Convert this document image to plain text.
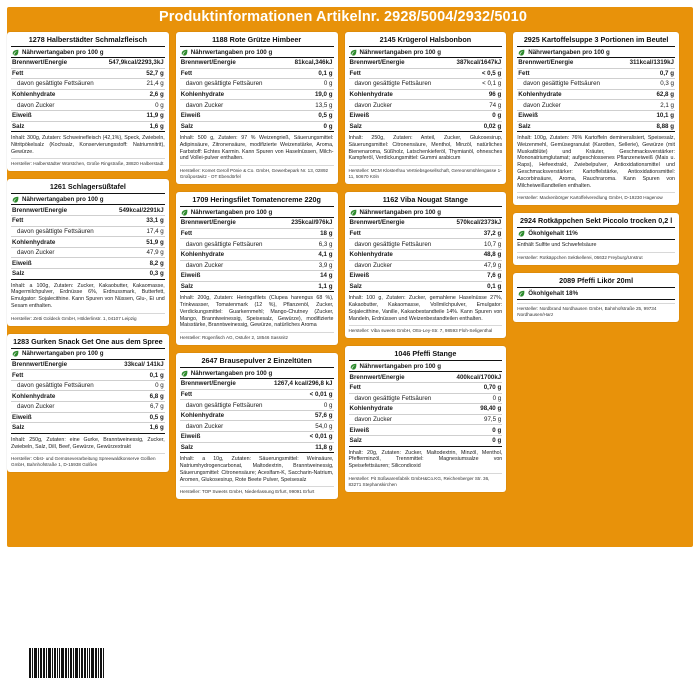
Produktinformationen Artikelnr. 2928/5004/2932/5010
1278 Halberstädter Schmalzfleisch
Nährwertangaben pro 100 g
Brennwert/Energie	547,9kcal/2293,3kJ
Fett	52,7 g
davon gesättigte Fettsäuren	21,4 g
Kohlenhydrate	2,6 g
davon Zucker	0 g
Eiweiß	11,9 g
Salz	1,6 g
Inhalt: 300g, Zutaten: Schweinefleisch (42,1%), Speck, Zwiebeln, Nitritpökelsalz (Kochsalz, Konservierungsstoff: Natriumnitrit), Gewürze.
Hersteller: Halberstädter Würstchen, Große Ringstraße, 38820 Halberstadt
1261 Schlagersüßtafel
Nährwertangaben pro 100 g
Brennwert/Energie	549kcal/2291kJ
Fett	33,1 g
davon gesättigte Fettsäuren	17,4 g
Kohlenhydrate	51,9 g
davon Zucker	47,9 g
Eiweiß	8,2 g
Salz	0,3 g
Inhalt: a 100g, Zutaten: Zucker, Kakaobutter, Kakaomasse, Magermilchpulver, Erdnüsse 6%, Erdnussmark, Butterfett, Emulgator: Sojalecithine. Kann Spuren von Nüssen, Glu-, Ei und Sesam enthalten.
Hersteller: Zetti Goldeck GmbH, Hölderlinstr. 1, 04107 Leipzig
1283 Gurken Snack Get One aus dem Spree
Nährwertangaben pro 100 g
Brennwert/Energie	33kcal/ 141kJ
Fett	0,1 g
davon gesättigte Fettsäuren	0 g
Kohlenhydrate	6,8 g
davon Zucker	6,7 g
Eiweiß	0,5 g
Salz	1,6 g
Inhalt: 250g, Zutaten: eine Gurke, Branntweinessig, Zucker, Zwiebeln, Salz, Dill, Beef, Gewürze, Gewürzextrakt
Hersteller: Obst- und Gemüseverarbeitung Spreewaldkonserve Golßen GmbH, Bahnhofstraße 1, D-15938 Golßen
1188 Rote Grütze Himbeer
Nährwertangaben pro 100 g
Brennwert/Energie	81kcal,346kJ
Fett	0,1 g
davon gesättigte Fettsäuren	0 g
Kohlenhydrate	19,0 g
davon Zucker	13,5 g
Eiweiß	0,5 g
Salz	0 g
Inhalt: 500 g, Zutaten: 97 % Weizengrieß, Säuerungsmittel: Adipinsäure, Zitronensäure, modifizierte Weizenstärke, Aroma, Farbstoff: Echtes Karmin. Kann Spuren von Haselnüssen, Milch- und Vollei-pulver enthalten.
Hersteller: Komet Geroll Pönie & Co. GmbH, Gewerbepark Nr. 13, 02892 Großpostwitz - OT Ebendörfel
1709 Heringsfilet Tomatencreme 220g
Nährwertangaben pro 100 g
Brennwert/Energie	235kcal/976kJ
Fett	18 g
davon gesättigte Fettsäuren	6,3 g
Kohlenhydrate	4,1 g
davon Zucker	3,9 g
Eiweiß	14 g
Salz	1,1 g
Inhalt: 200g, Zutaten: Heringsfilets (Clupea harengus 68 %), Trinkwasser, Tomatenmark (12 %), Pflanzenöl, Zucker, Verdickungsmittel: Guarkernmehl; Mango-Chutney (Zucker, Mango, Branntweinessig, Speisesalz, Gewürze), modifizierte Maisstärke, Branntweinessig, Gewürze, natürliches Aroma
Hersteller: Rügenfisch AG, Ostufer 2, 18546 Sassnitz
2647 Brausepulver 2 Einzeltüten
Nährwertangaben pro 100 g
Brennwert/Energie	1267,4 kcal/296,8 kJ
Fett	< 0,01 g
davon gesättigte Fettsäuren	0 g
Kohlenhydrate	57,6 g
davon Zucker	54,0 g
Eiweiß	< 0,01 g
Salz	11,8 g
Inhalt: a 10g, Zutaten: Säuerungsmittel: Weinsäure, Natriumhydrogencarbonat, Maltodextrin, Branntweinessig, Säuerungsmittel: Citronensäure; Aceslfam-K, Saccharin-Natrium, Aromen, Glukosesirup, Rote Beete Pulver, Speisesalz
Hersteller: TOP Sweets GmbH, Niederlassung Erfurt, 99091 Erfurt
2145 Krügerol Halsbonbon
Nährwertangaben pro 100 g
Brennwert/Energie	387kcal/1647kJ
Fett	< 0,5 g
davon gesättigte Fettsäuren	< 0,1 g
Kohlenhydrate	96 g
davon Zucker	74 g
Eiweiß	0 g
Salz	0,02 g
Inhalt: 250g, Zutaten: Anteil, Zucker, Glukosesirup, Säuerungsmittel: Citronensäure, Menthol, Minzöl, natürliches Bienenaroma, Süßholz, Latschenkieferöl, Thymianöl, ohnesches Kampferöl, Verdickungsmittel: Gummi arabicum
Hersteller: MCM Klosterfrau Vertriebsgesellschaft, Gereonsmühlengasse 1-11, 50670 Köln
1162 Viba Nougat Stange
Nährwertangaben pro 100 g
Brennwert/Energie	570kcal/2373kJ
Fett	37,2 g
davon gesättigte Fettsäuren	10,7 g
Kohlenhydrate	48,8 g
davon Zucker	47,9 g
Eiweiß	7,6 g
Salz	0,1 g
Inhalt: 100 g, Zutaten: Zucker, gemahlene Haselnüsse 27%, Kakaobutter, Kakaomasse, Vollmilchpulver, Emulgator: Sojalecithine, Vanille, Kakaobestandteile 14%. Kann Spuren von Mandeln, Erdnüssen und Weizenbestandteilen enthalten.
Hersteller: Viba sweets GmbH, Otto-Ley-Str. 7, 98593 Floh-Seligenthal
1046 Pfeffi Stange
Nährwertangaben pro 100 g
Brennwert/Energie	400kcal/1700kJ
Fett	0,70 g
davon gesättigte Fettsäuren	0 g
Kohlenhydrate	98,40 g
davon Zucker	97,5 g
Eiweiß	0 g
Salz	0 g
Inhalt: 20g, Zutaten: Zucker, Maltodextrin, Minzöl, Menthol, Pfefferminzöl, Trennmittel: Magnesiumsalze von Speisefettsäuren; Silicondioxid
Hersteller: Pit Süßwarenfabrik GmbH&Co.KG, Reichenberger Str. 36, 83271 Stephanskirchen
2925 Kartoffelsuppe 3 Portionen im Beutel
Nährwertangaben pro 100 g
Brennwert/Energie	311kcal/1319kJ
Fett	0,7 g
davon gesättigte Fettsäuren	0,3 g
Kohlenhydrate	62,8 g
davon Zucker	2,1 g
Eiweiß	10,1 g
Salz	8,88 g
Inhalt: 100g, Zutaten: 76% Kartoffeln demineralisiert, Speisesalz, Weizenmehl, Gemüsegranulat (Karotten, Sellerie), Gewürze (mit Muskatblüte) und Kräuter, Geschmacksverstärker: Mononatriumglutamat; aufgeschlossenes Pflanzeneiweiß (Mais u. Raps), Hefeextrakt, Zwiebelpulver, Antioxidationsmittel und Geschmacksverstärker: Kartoffelstärke, Antioxidationsmittel: Ascorbinsäure, Aroma, Rauchraroma. Kann Spuren von Milcheiweißandteilen enthalten.
Hersteller: Mackenbörger Kartoffelveredlung GmbH, D-19230 Hagenow
2924 Rotkäppchen Sekt Piccolo trocken 0,2 l
Ökohlgehalt 11%
Enthält Sulfite und Schwefelsäure
Hersteller: Rotkäppchen Sektkellerei, 06632 Freyburg/Unstrut
2089 Pfeffi Likör 20ml
Ökohlgehalt 18%
Hersteller: Nordbrand Nordhausen GmbH, Bahnhofstraße 25, 99734 Nordhausen/Harz
